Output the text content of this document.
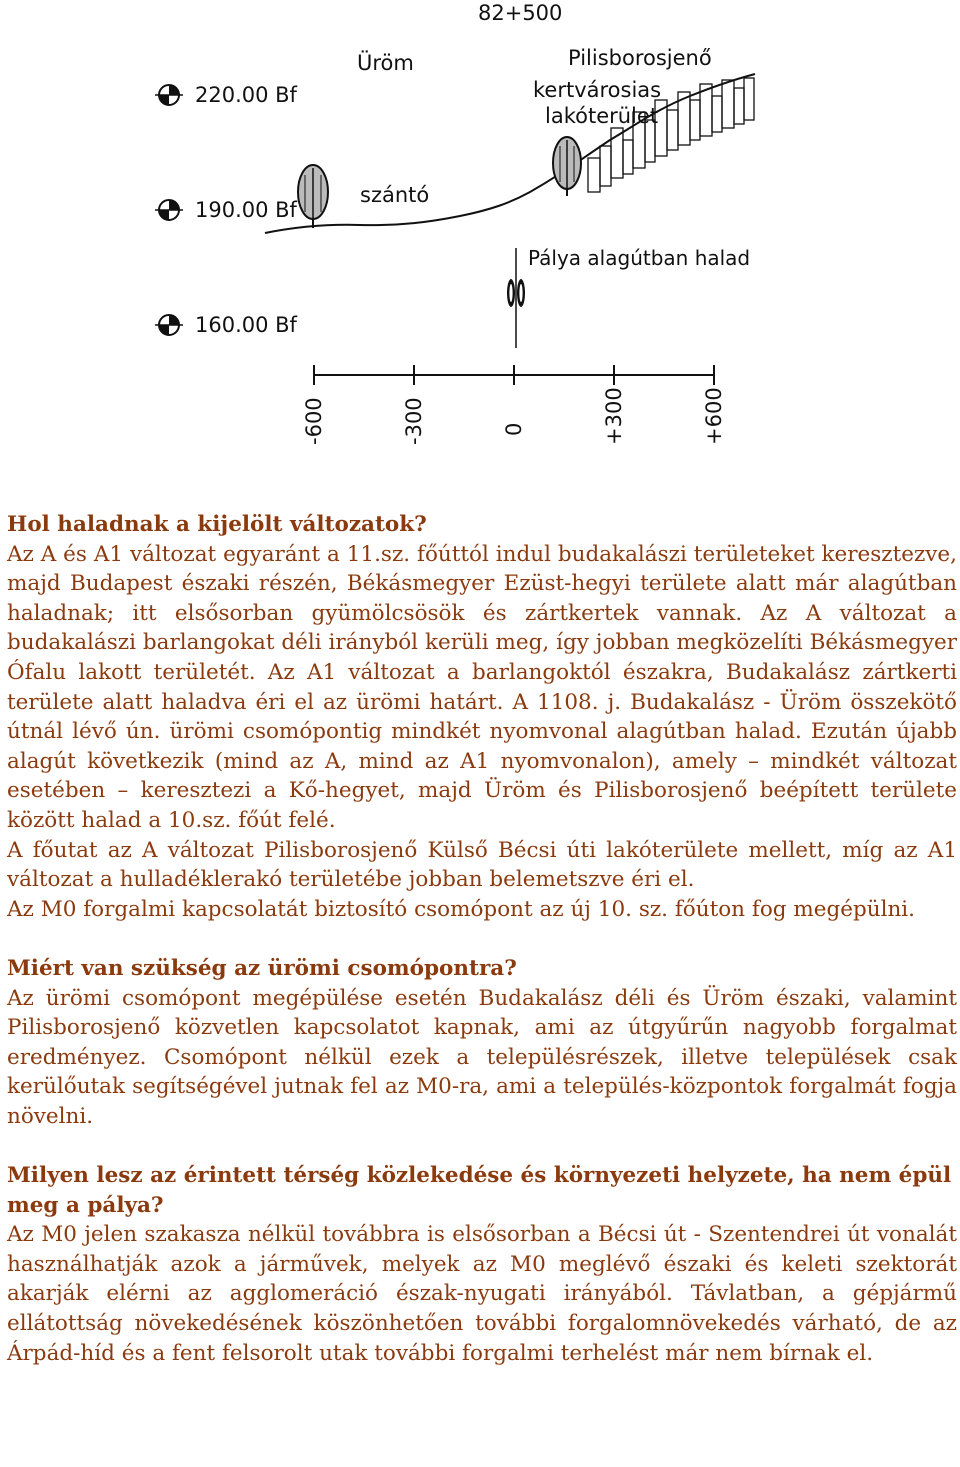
82+500
220.00 Bf
190.00 Bf
160.00 Bf
Üröm	Pilisborosjenő
kertvárosias
lakóterület
szántó
Pálya alagútban halad
-600	-300	0	+300	+600
Hol haladnak a kijelölt változatok?

Az A és A1 változat egyaránt a 11.sz. főúttól indul budakalászi területeket keresztezve, majd Budapest északi részén, Békásmegyer Ezüst-hegyi területe alatt már alagútban haladnak; itt elsősorban gyümölcsösök és zártkertek vannak. Az A változat a budakalászi barlangokat déli irányból kerüli meg, így jobban megközelíti Békásmegyer Ófalu lakott területét. Az A1 változat a barlangoktól északra, Budakalász zártkerti területe alatt haladva éri el az ürömi határt. A 1108. j. Budakalász - Üröm összekötő útnál lévő ún. ürömi csomópontig mindkét nyomvonal alagútban halad. Ezután újabb alagút következik (mind az A, mind az A1 nyomvonalon), amely – mindkét változat esetében – keresztezi a Kő-hegyet, majd Üröm és Pilisborosjenő beépített területe között halad a 10.sz. főút felé.

A főutat az A változat Pilisborosjenő Külső Bécsi úti lakóterülete mellett, míg az A1 változat a hulladéklerakó területébe jobban belemetszve éri el.

Az M0 forgalmi kapcsolatát biztosító csomópont az új 10. sz. főúton fog megépülni.

Miért van szükség az ürömi csomópontra?

Az ürömi csomópont megépülése esetén Budakalász déli és Üröm északi, valamint Pilisborosjenő közvetlen kapcsolatot kapnak, ami az útgyűrűn nagyobb forgalmat eredményez. Csomópont nélkül ezek a településrészek, illetve települések csak kerülőutak segítségével jutnak fel az M0-ra, ami a település-központok forgalmát fogja növelni.

Milyen lesz az érintett térség közlekedése és környezeti helyzete, ha nem épül meg a pálya?

Az M0 jelen szakasza nélkül továbbra is elsősorban a Bécsi út - Szentendrei út vonalát használhatják azok a járművek, melyek az M0 meglévő északi és keleti szektorát akarják elérni az agglomeráció észak-nyugati irányából. Távlatban, a gépjármű ellátottság növekedésének köszönhetően további forgalomnövekedés várható, de az Árpád-híd és a fent felsorolt utak további forgalmi terhelést már nem bírnak el.
